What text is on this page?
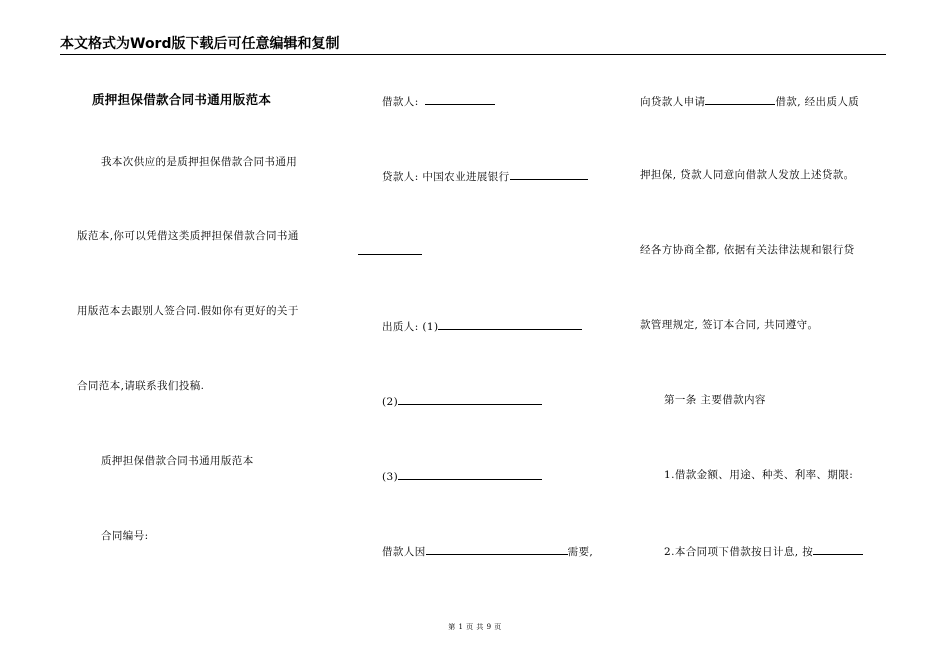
本文格式为Word版下载后可任意编辑和复制
质押担保借款合同书通用版范本
我本次供应的是质押担保借款合同书通用
版范本,你可以凭借这类质押担保借款合同书通
用版范本去跟别人签合同.假如你有更好的关于
合同范本,请联系我们投稿.
质押担保借款合同书通用版范本
合同编号:
借款人:
贷款人: 中国农业进展银行
出质人: (1)
(2)
(3)
借款人因	需要,
向贷款人申请	借款, 经出质人质
押担保, 贷款人同意向借款人发放上述贷款。
经各方协商全都, 依据有关法律法规和银行贷
款管理规定, 签订本合同, 共同遵守。
第一条 主要借款内容
1.借款金额、用途、种类、利率、期限:
2.本合同项下借款按日计息, 按
第 1 页 共 9 页
